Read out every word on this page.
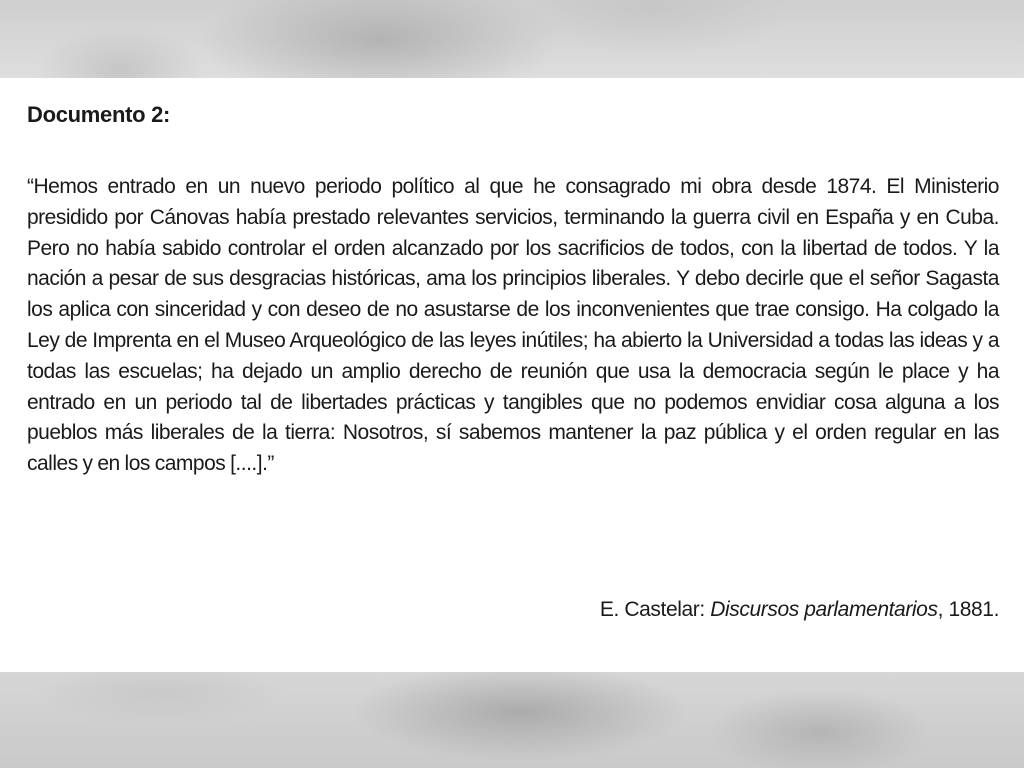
Documento 2:

“Hemos entrado en un nuevo periodo político al que he consagrado mi obra desde 1874. El Ministerio presidido por Cánovas había prestado relevantes servicios, terminando la guerra civil en España y en Cuba. Pero no había sabido controlar el orden alcanzado por los sacrificios de todos, con la libertad de todos. Y la nación a pesar de sus desgracias históricas, ama los principios liberales. Y debo decirle que el señor Sagasta los aplica con sinceridad y con deseo de no asustarse de los inconvenientes que trae consigo. Ha colgado la Ley de Imprenta en el Museo Arqueológico de las leyes inútiles; ha abierto la Universidad a todas las ideas y a todas las escuelas; ha dejado un amplio derecho de reunión que usa la democracia según le place y ha entrado en un periodo tal de libertades prácticas y tangibles que no podemos envidiar cosa alguna a los pueblos más liberales de la tierra: Nosotros, sí sabemos mantener la paz pública y el orden regular en las calles y en los campos [....].”

E. Castelar: Discursos parlamentarios, 1881.
